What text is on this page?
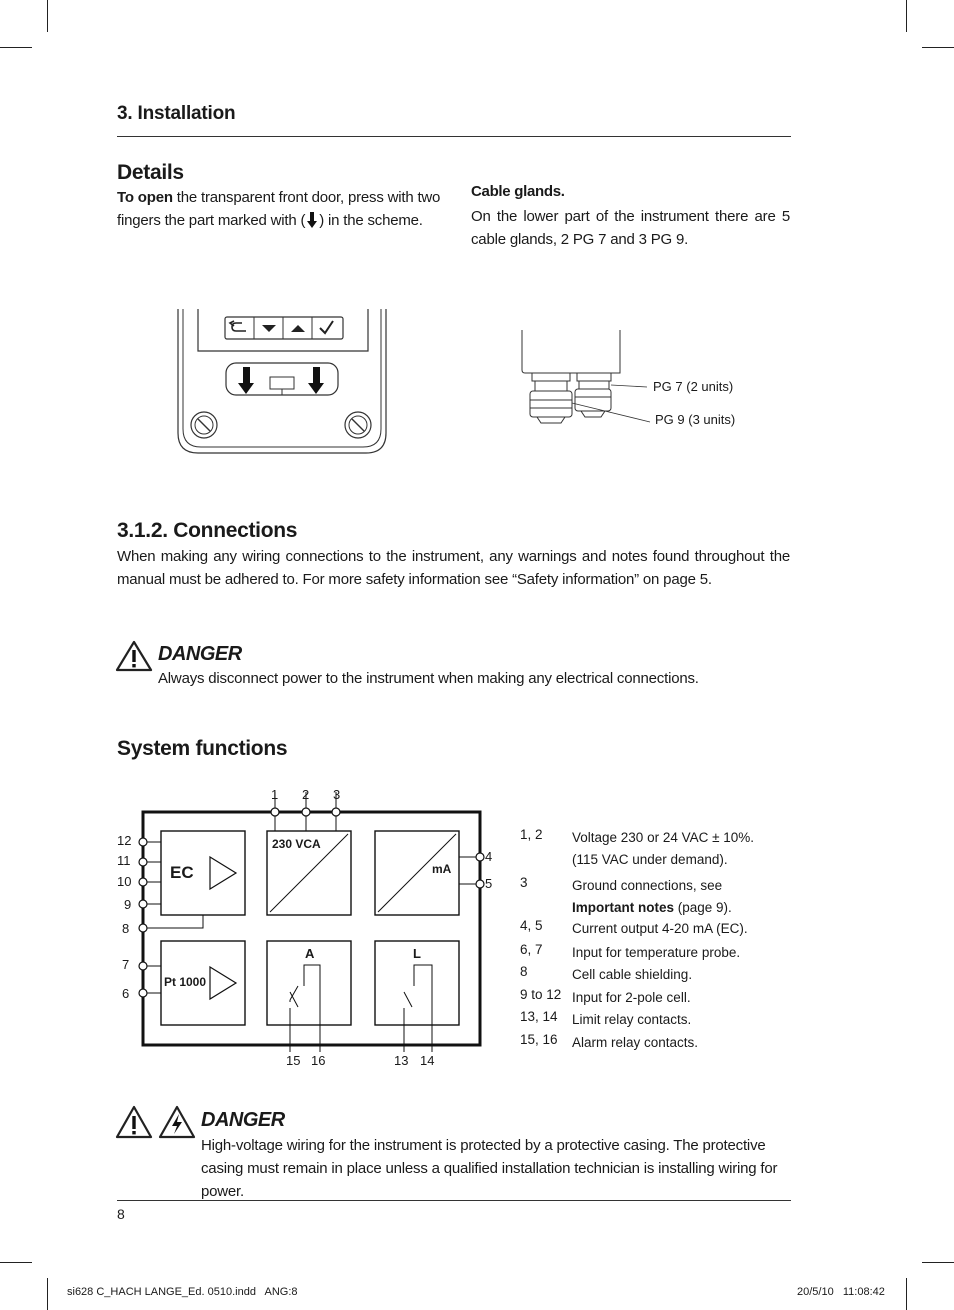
3. Installation
Details
To open the transparent front door, press with two
fingers the part marked with ( ) in the scheme.
Cable glands.
On the lower part of the instrument there are 5 cable glands, 2 PG 7 and 3 PG 9.
PG 7 (2 units)
PG 9 (3 units)
3.1.2. Connections
When making any wiring connections to the instrument, any warnings and notes found throughout the manual must be adhered to. For more safety information see “Safety information” on page 5.
DANGER
Always disconnect power to the instrument when making any electrical connections.
System functions
1 2 3
12
11
10
9
8
7
6
4
5
15 16	13 14
EC
Pt 1000
230 VCA
mA
A	L
1, 2 Voltage 230 or 24 VAC ± 10%.
(115 VAC under demand).
3	Ground connections, see Important notes (page 9).
4, 5 Current output 4-20 mA (EC).
6, 7 Input for temperature probe.
8	Cell cable shielding.
9 to 12 Input for 2-pole cell.
13, 14 Limit relay contacts.
15, 16 Alarm relay contacts.
DANGER
High-voltage wiring for the instrument is protected by a protective casing. The protective casing must remain in place unless a qualified installation technician is installing wiring for power.
8
si628 C_HACH LANGE_Ed. 0510.indd   ANG:8	20/5/10   11:08:42
